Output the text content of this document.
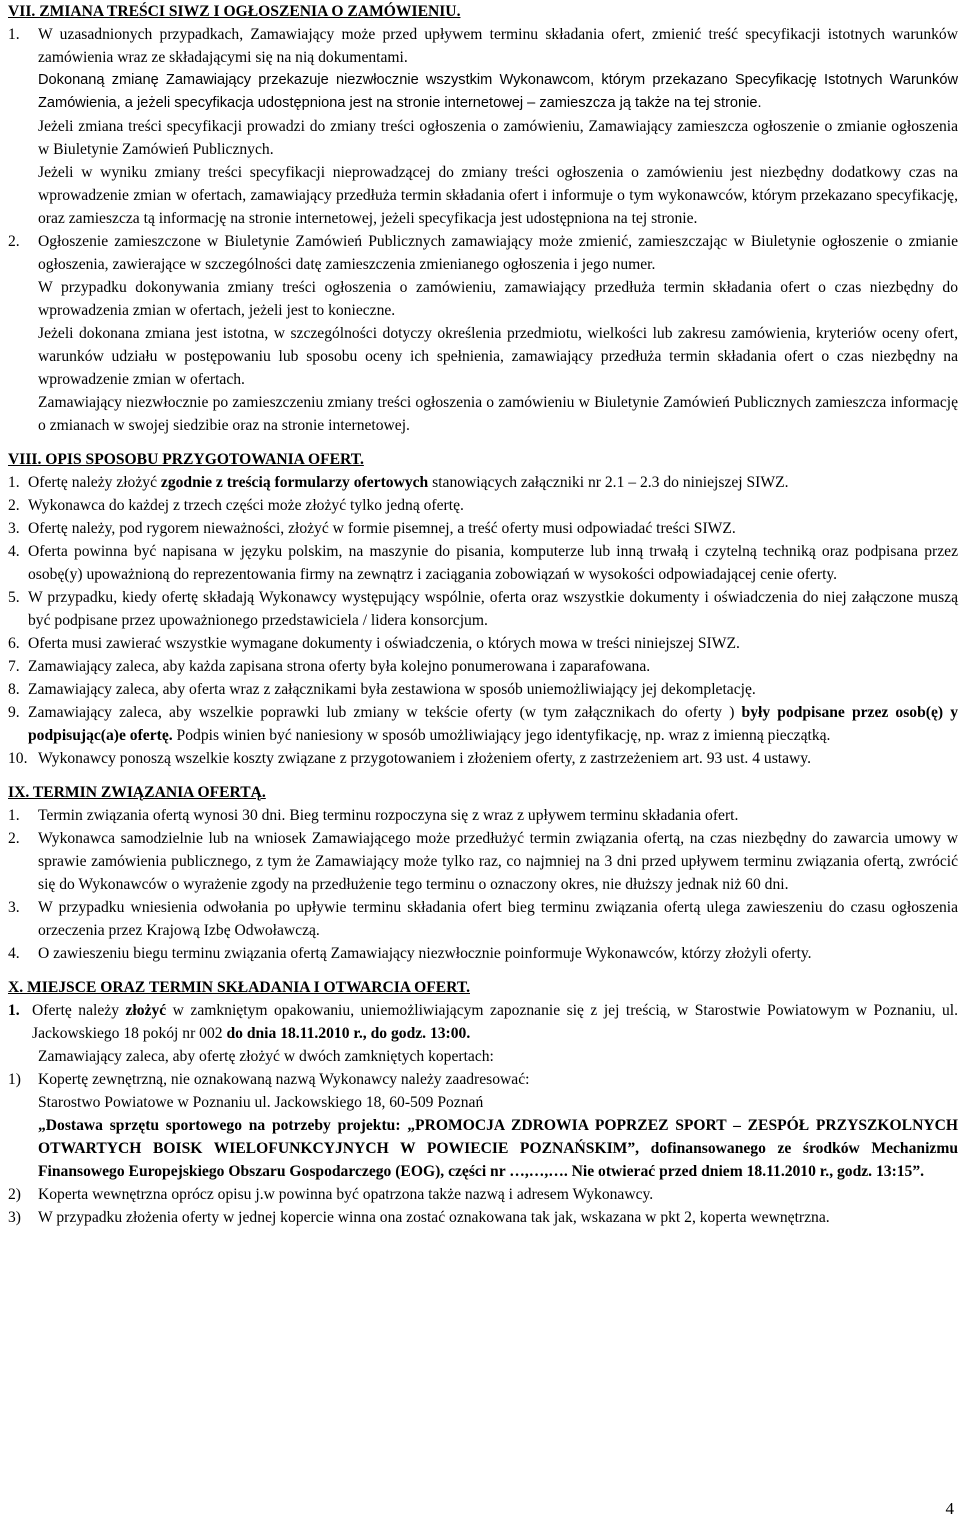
VII. ZMIANA TREŚCI SIWZ I OGŁOSZENIA O ZAMÓWIENIU.
1.	W uzasadnionych przypadkach, Zamawiający może przed upływem terminu składania ofert, zmienić treść specyfikacji istotnych warunków zamówienia wraz ze składającymi się na nią dokumentami.

Dokonaną zmianę Zamawiający przekazuje niezwłocznie wszystkim Wykonawcom, którym przekazano Specyfikację Istotnych Warunków Zamówienia, a jeżeli specyfikacja udostępniona jest na stronie internetowej – zamieszcza ją także na tej stronie.

Jeżeli zmiana treści specyfikacji prowadzi do zmiany treści ogłoszenia o zamówieniu, Zamawiający zamieszcza ogłoszenie o zmianie ogłoszenia w Biuletynie Zamówień Publicznych.

Jeżeli w wyniku zmiany treści specyfikacji nieprowadzącej do zmiany treści ogłoszenia o zamówieniu jest niezbędny dodatkowy czas na wprowadzenie zmian w ofertach, zamawiający przedłuża termin składania ofert i informuje o tym wykonawców, którym przekazano specyfikację, oraz zamieszcza tą informację na stronie internetowej, jeżeli specyfikacja jest udostępniona na tej stronie.

2.	Ogłoszenie zamieszczone w Biuletynie Zamówień Publicznych zamawiający może zmienić, zamieszczając w Biuletynie ogłoszenie o zmianie ogłoszenia, zawierające w szczególności datę zamieszczenia zmienianego ogłoszenia i jego numer.

W przypadku dokonywania zmiany treści ogłoszenia o zamówieniu, zamawiający przedłuża termin składania ofert o czas niezbędny do wprowadzenia zmian w ofertach, jeżeli jest to konieczne.

Jeżeli dokonana zmiana jest istotna, w szczególności dotyczy określenia przedmiotu, wielkości lub zakresu zamówienia, kryteriów oceny ofert, warunków udziału w postępowaniu lub sposobu oceny ich spełnienia, zamawiający przedłuża termin składania ofert o czas niezbędny na wprowadzenie zmian w ofertach.

Zamawiający niezwłocznie po zamieszczeniu zmiany treści ogłoszenia o zamówieniu w Biuletynie Zamówień Publicznych zamieszcza informację o zmianach w swojej siedzibie oraz na stronie internetowej.

VIII. OPIS SPOSOBU PRZYGOTOWANIA OFERT.
1. Ofertę należy złożyć zgodnie z treścią formularzy ofertowych stanowiących załączniki nr 2.1 – 2.3 do niniejszej SIWZ.

2. Wykonawca do każdej z trzech części może złożyć tylko jedną ofertę.

3. Ofertę należy, pod rygorem nieważności, złożyć w formie pisemnej, a treść oferty musi odpowiadać treści SIWZ.

4. Oferta powinna być napisana w języku polskim, na maszynie do pisania, komputerze lub inną trwałą i czytelną techniką oraz podpisana przez osobę(y) upoważnioną do reprezentowania firmy na zewnątrz i zaciągania zobowiązań w wysokości odpowiadającej cenie oferty.

5. W przypadku, kiedy ofertę składają Wykonawcy występujący wspólnie, oferta oraz wszystkie dokumenty i oświadczenia do niej załączone muszą być podpisane przez upoważnionego przedstawiciela / lidera konsorcjum.

6. Oferta musi zawierać wszystkie wymagane dokumenty i oświadczenia, o których mowa w treści niniejszej SIWZ.

7. Zamawiający zaleca, aby każda zapisana strona oferty była kolejno ponumerowana i zaparafowana.

8. Zamawiający zaleca, aby oferta wraz z załącznikami była zestawiona w sposób uniemożliwiający jej dekompletację.

9. Zamawiający zaleca, aby wszelkie poprawki lub zmiany w tekście oferty (w tym załącznikach do oferty ) były podpisane przez osob(ę) y podpisując(a)e ofertę. Podpis winien być naniesiony w sposób umożliwiający jego identyfikację, np. wraz z imienną pieczątką.

10. Wykonawcy ponoszą wszelkie koszty związane z przygotowaniem i złożeniem oferty, z zastrzeżeniem art. 93 ust. 4 ustawy.

IX. TERMIN ZWIĄZANIA OFERTĄ.
1.	Termin związania ofertą wynosi 30 dni. Bieg terminu rozpoczyna się z wraz z upływem terminu składania ofert.

2.	Wykonawca samodzielnie lub na wniosek Zamawiającego może przedłużyć termin związania ofertą, na czas niezbędny do zawarcia umowy w sprawie zamówienia publicznego, z tym że Zamawiający może tylko raz, co najmniej na 3 dni przed upływem terminu związania ofertą, zwrócić się do Wykonawców o wyrażenie zgody na przedłużenie tego terminu o oznaczony okres, nie dłuższy jednak niż 60 dni.

3.	W przypadku wniesienia odwołania po upływie terminu składania ofert bieg terminu związania ofertą ulega zawieszeniu do czasu ogłoszenia orzeczenia przez Krajową Izbę Odwoławczą.

4.	O zawieszeniu biegu terminu związania ofertą Zamawiający niezwłocznie poinformuje Wykonawców, którzy złożyli oferty.

X. MIEJSCE ORAZ TERMIN SKŁADANIA I OTWARCIA OFERT.
1. Ofertę należy złożyć w zamkniętym opakowaniu, uniemożliwiającym zapoznanie się z jej treścią, w Starostwie Powiatowym w Poznaniu, ul. Jackowskiego 18 pokój nr 002 do dnia 18.11.2010 r., do godz. 13:00.

Zamawiający zaleca, aby ofertę złożyć w dwóch zamkniętych kopertach:

1)	Kopertę zewnętrzną, nie oznakowaną nazwą Wykonawcy należy zaadresować:

Starostwo Powiatowe w Poznaniu ul. Jackowskiego 18, 60-509 Poznań

„Dostawa sprzętu sportowego na potrzeby projektu: „PROMOCJA ZDROWIA POPRZEZ SPORT – ZESPÓŁ PRZYSZKOLNYCH OTWARTYCH BOISK WIELOFUNKCYJNYCH W POWIECIE POZNAŃSKIM”, dofinansowanego ze środków Mechanizmu Finansowego Europejskiego Obszaru Gospodarczego (EOG), części nr …,…,…. Nie otwierać przed dniem 18.11.2010 r., godz. 13:15”.

2)	Koperta wewnętrzna oprócz opisu j.w powinna być opatrzona także nazwą i adresem Wykonawcy.

3)	W przypadku złożenia oferty w jednej kopercie winna ona zostać oznakowana tak jak, wskazana w pkt 2, koperta wewnętrzna.

4
